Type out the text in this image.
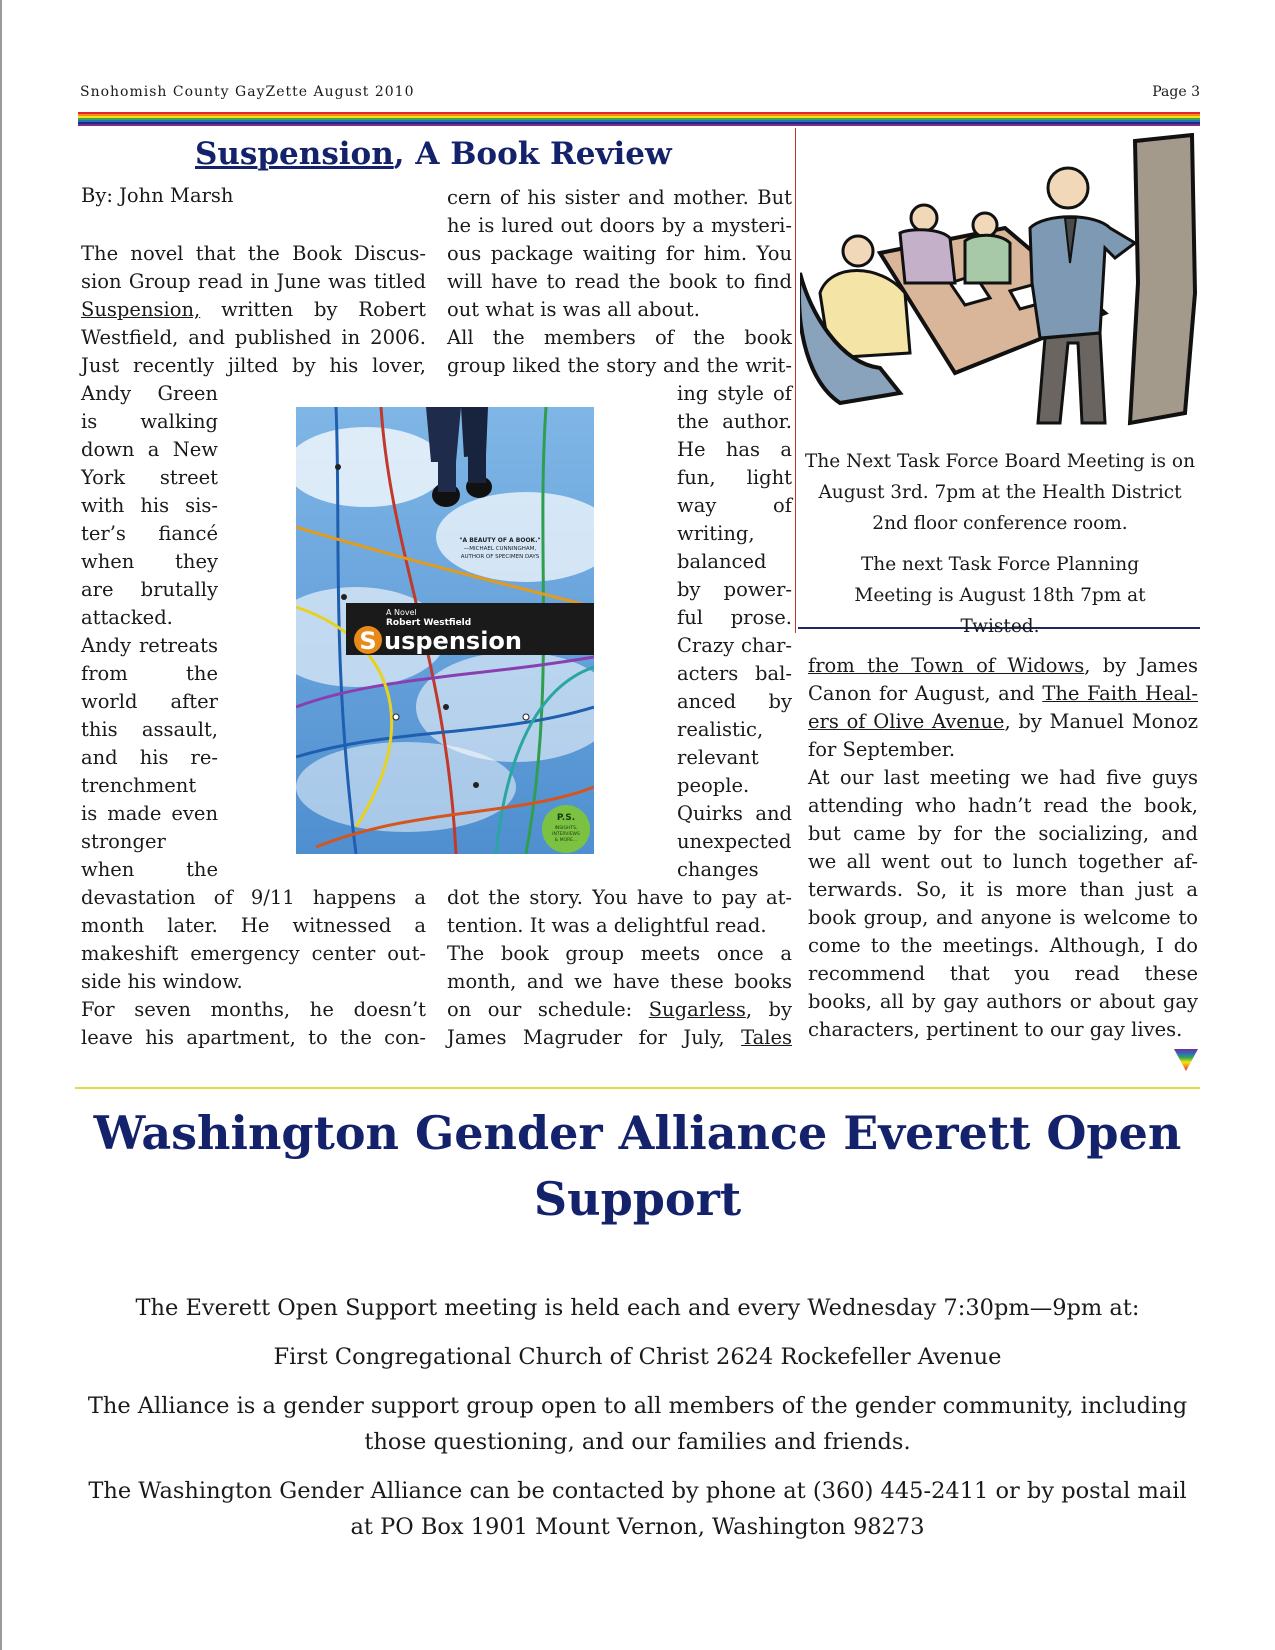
Snohomish County GayZette August 2010	Page 3
Suspension, A Book Review
By: John Marsh
The novel that the Book Discus-
sion Group read in June was titled
Suspension, written by Robert
Westfield, and published in 2006.
Just recently jilted by his lover,
Andy Green
is walking
down a New
York street
with his sis-
ter’s fiancé
when they
are brutally
attacked.
Andy retreats
from the
world after
this assault,
and his re-
trenchment
is made even
stronger
when the
devastation of 9/11 happens a
month later. He witnessed a
makeshift emergency center out-
side his window.
For seven months, he doesn’t
leave his apartment, to the con-
cern of his sister and mother. But
he is lured out doors by a mysteri-
ous package waiting for him. You
will have to read the book to find
out what is was all about.
All the members of the book
group liked the story and the writ-
ing style of
the author.
He has a
fun, light
way of
writing,
balanced
by power-
ful prose.
Crazy char-
acters bal-
anced by
realistic,
relevant
people.
Quirks and
unexpected
changes
dot the story. You have to pay at-
tention. It was a delightful read.
The book group meets once a
month, and we have these books
on our schedule: Sugarless, by
James Magruder for July, Tales
from the Town of Widows, by James
Canon for August, and The Faith Heal-
ers of Olive Avenue, by Manuel Monoz
for September.
At our last meeting we had five guys
attending who hadn’t read the book,
but came by for the socializing, and
we all went out to lunch together af-
terwards. So, it is more than just a
book group, and anyone is welcome to
come to the meetings. Although, I do
recommend that you read these
books, all by gay authors or about gay
characters, pertinent to our gay lives.
"A BEAUTY OF A BOOK."
—MICHAEL CUNNINGHAM,
AUTHOR OF SPECIMEN DAYS
A Novel
Robert Westfield
S uspension
P.S.
INSIGHTS,
INTERVIEWS
& MORE...
The Next Task Force Board Meeting is on August 3rd. 7pm at the Health District 2nd floor conference room.
The next Task Force Planning Meeting is August 18th 7pm at Twisted.
Washington Gender Alliance Everett Open
Support
The Everett Open Support meeting is held each and every Wednesday 7:30pm—9pm at:
First Congregational Church of Christ 2624 Rockefeller Avenue
The Alliance is a gender support group open to all members of the gender community, including those questioning, and our families and friends.
The Washington Gender Alliance can be contacted by phone at (360) 445-2411 or by postal mail at PO Box 1901 Mount Vernon, Washington 98273
